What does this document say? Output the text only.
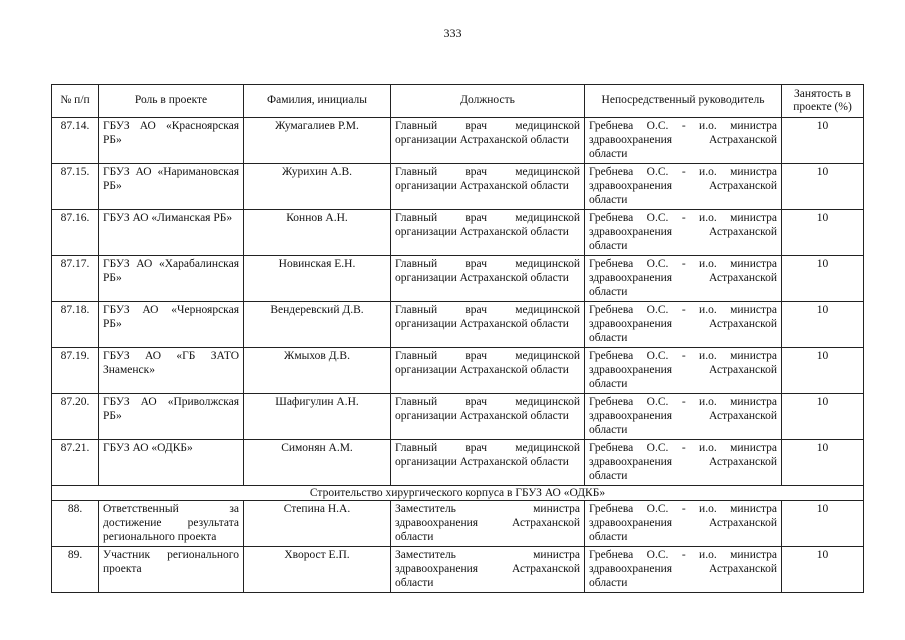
333
№ п/п	Роль в проекте	Фамилия, инициалы	Должность	Непосредственный руководитель	Занятость в проекте (%)
87.14.	ГБУЗ АО «Красноярская РБ»	Жумагалиев Р.М.	Главный врач медицинской организации Астраханской области	Гребнева О.С. - и.о. министра здравоохранения Астраханской области	10
87.15.	ГБУЗ АО «Наримановская РБ»	Журихин А.В.	Главный врач медицинской организации Астраханской области	Гребнева О.С. - и.о. министра здравоохранения Астраханской области	10
87.16.	ГБУЗ АО «Лиманская РБ»	Коннов А.Н.	Главный врач медицинской организации Астраханской области	Гребнева О.С. - и.о. министра здравоохранения Астраханской области	10
87.17.	ГБУЗ АО «Харабалинская РБ»	Новинская Е.Н.	Главный врач медицинской организации Астраханской области	Гребнева О.С. - и.о. министра здравоохранения Астраханской области	10
87.18.	ГБУЗ АО «Черноярская РБ»	Вендеревский Д.В.	Главный врач медицинской организации Астраханской области	Гребнева О.С. - и.о. министра здравоохранения Астраханской области	10
87.19.	ГБУЗ АО «ГБ ЗАТО Знаменск»	Жмыхов Д.В.	Главный врач медицинской организации Астраханской области	Гребнева О.С. - и.о. министра здравоохранения Астраханской области	10
87.20.	ГБУЗ АО «Приволжская РБ»	Шафигулин А.Н.	Главный врач медицинской организации Астраханской области	Гребнева О.С. - и.о. министра здравоохранения Астраханской области	10
87.21.	ГБУЗ АО «ОДКБ»	Симонян А.М.	Главный врач медицинской организации Астраханской области	Гребнева О.С. - и.о. министра здравоохранения Астраханской области	10
Строительство хирургического корпуса в ГБУЗ АО «ОДКБ»					
88.	Ответственный за достижение результата регионального проекта	Степина Н.А.	Заместитель министра здравоохранения Астраханской области	Гребнева О.С. - и.о. министра здравоохранения Астраханской области	10
89.	Участник регионального проекта	Хворост Е.П.	Заместитель министра здравоохранения Астраханской области	Гребнева О.С. - и.о. министра здравоохранения Астраханской области	10
